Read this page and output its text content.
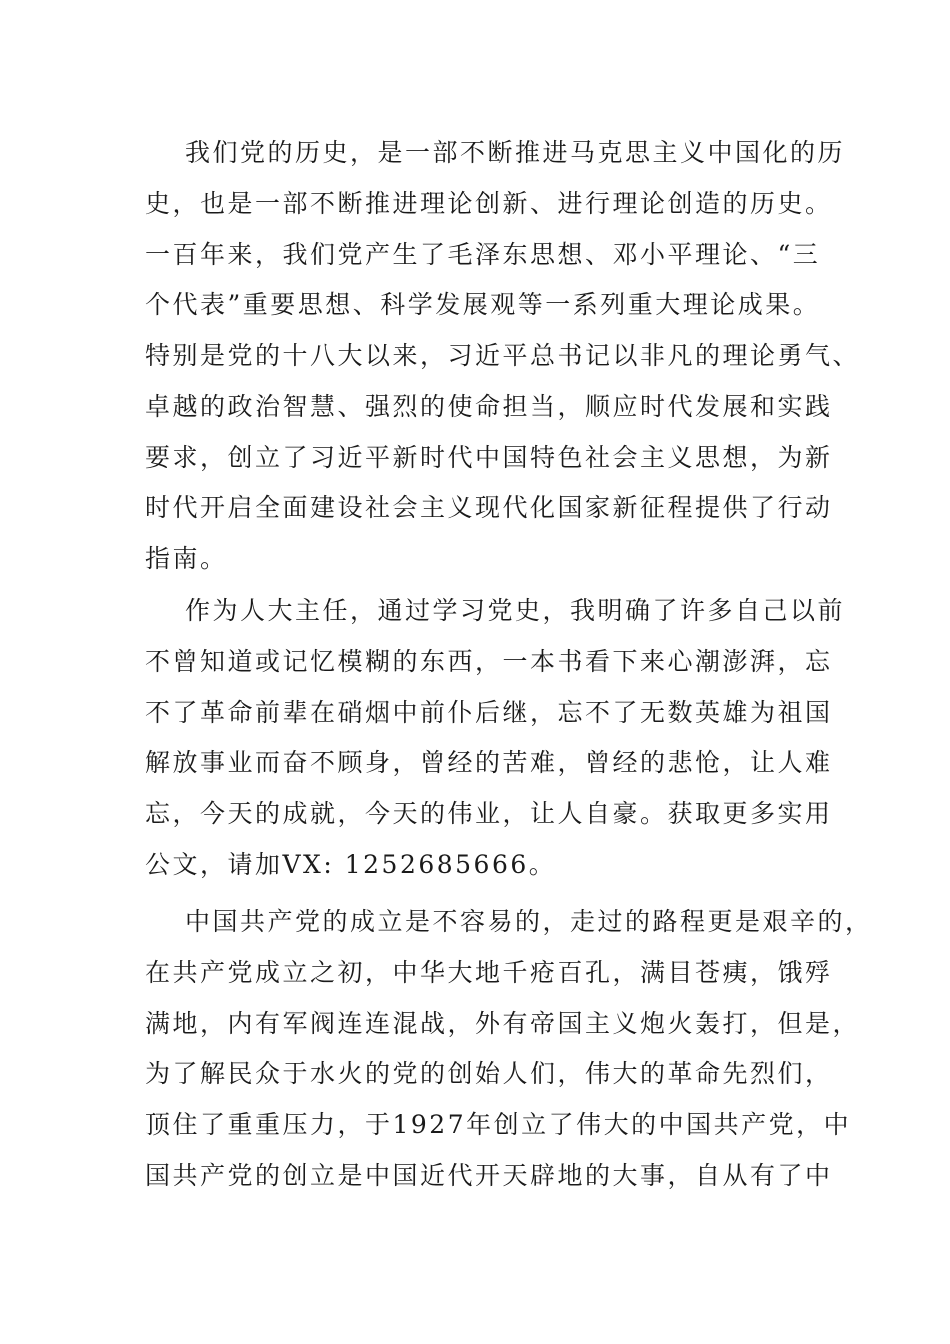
我们党的历史，是一部不断推进马克思主义中国化的历
史，也是一部不断推进理论创新、进行理论创造的历史。
一百年来，我们党产生了毛泽东思想、邓小平理论、“三
个代表”重要思想、科学发展观等一系列重大理论成果。
特别是党的十八大以来，习近平总书记以非凡的理论勇气、
卓越的政治智慧、强烈的使命担当，顺应时代发展和实践
要求，创立了习近平新时代中国特色社会主义思想，为新
时代开启全面建设社会主义现代化国家新征程提供了行动
指南。
作为人大主任，通过学习党史，我明确了许多自己以前
不曾知道或记忆模糊的东西，一本书看下来心潮澎湃，忘
不了革命前辈在硝烟中前仆后继，忘不了无数英雄为祖国
解放事业而奋不顾身，曾经的苦难，曾经的悲怆，让人难
忘，今天的成就，今天的伟业，让人自豪。获取更多实用
公文，请加VX: 1252685666。
中国共产党的成立是不容易的，走过的路程更是艰辛的，
在共产党成立之初，中华大地千疮百孔，满目苍痍，饿殍
满地，内有军阀连连混战，外有帝国主义炮火轰打，但是，
为了解民众于水火的党的创始人们，伟大的革命先烈们，
顶住了重重压力，于1927年创立了伟大的中国共产党，中
国共产党的创立是中国近代开天辟地的大事，自从有了中
